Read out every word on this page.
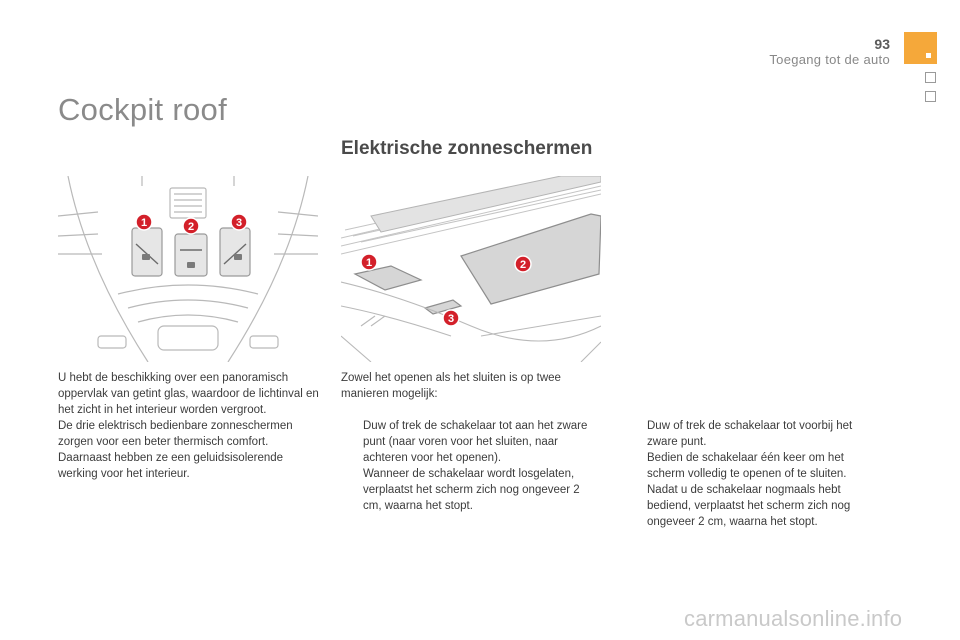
93
Toegang tot de auto
Cockpit roof
Elektrische zonneschermen
1	2	3
1	2
3

U hebt de beschikking over een panoramisch oppervlak van getint glas, waardoor de lichtinval en het zicht in het interieur worden vergroot.

De drie elektrisch bedienbare zonneschermen zorgen voor een beter thermisch comfort.

Daarnaast hebben ze een geluidsisolerende werking voor het interieur.

Zowel het openen als het sluiten is op twee manieren mogelijk:

Duw of trek de schakelaar tot aan het zware punt (naar voren voor het sluiten, naar achteren voor het openen).

Wanneer de schakelaar wordt losgelaten, verplaatst het scherm zich nog ongeveer 2 cm, waarna het stopt.

Duw of trek de schakelaar tot voorbij het zware punt.

Bedien de schakelaar één keer om het scherm volledig te openen of te sluiten.

Nadat u de schakelaar nogmaals hebt bediend, verplaatst het scherm zich nog ongeveer 2 cm, waarna het stopt.

carmanualsonline.info
